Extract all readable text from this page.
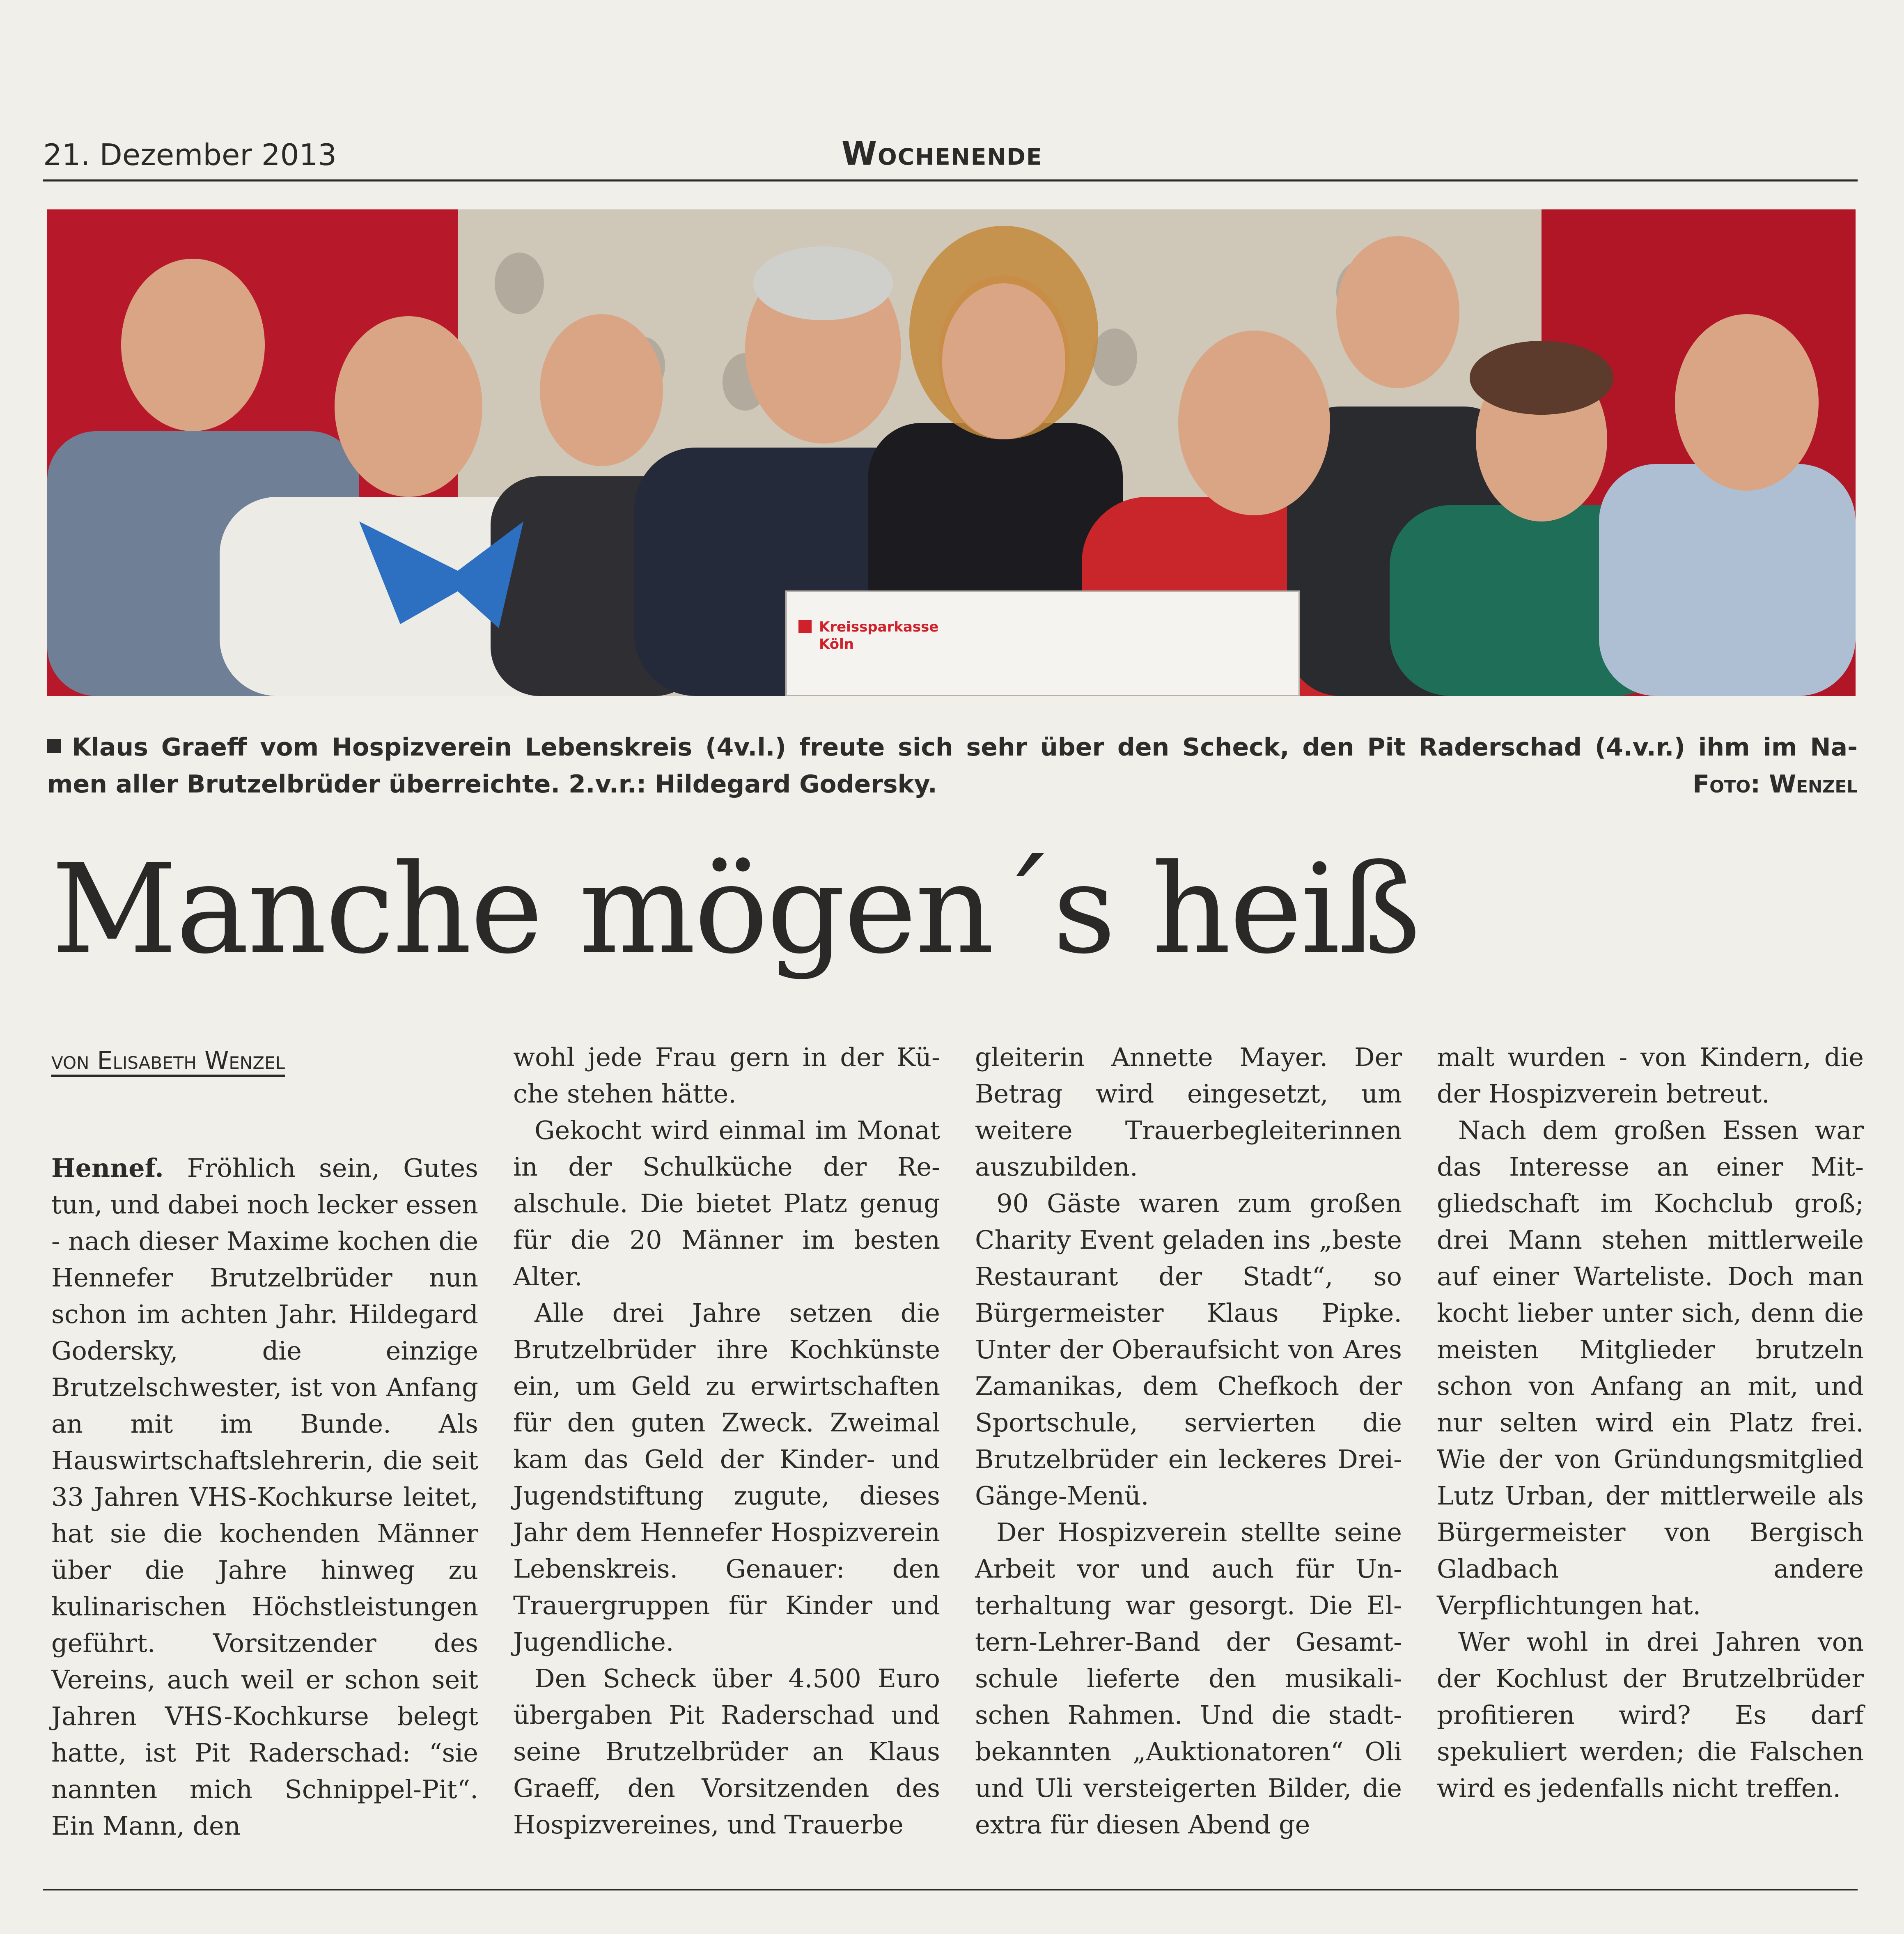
21. Dezember 2013	Wochenende
Kreissparkasse
Köln
Klaus Graeff vom Hospizverein Lebenskreis (4v.l.) freute sich sehr über den Scheck, den Pit Raderschad (4.v.r.) ihm im Na-
men aller Brutzelbrüder überreichte. 2.v.r.: Hildegard Godersky.	Foto: Wenzel
Manche mögen´s heiß
von Elisabeth Wenzel

Hennef. Fröhlich sein, Gutes tun, und dabei noch lecker essen - nach dieser Maxime kochen die Hennefer Brutzelbrüder nun schon im achten Jahr. Hildegard Godersky, die einzige Brutzelschwester, ist von Anfang an mit im Bunde. Als Hauswirtschaftslehrerin, die seit 33 Jahren VHS-Kochkurse leitet, hat sie die kochenden Männer über die Jahre hinweg zu kulinarischen Höchstleistungen geführt. Vorsitzender des Vereins, auch weil er schon seit Jahren VHS-Kochkurse belegt hatte, ist Pit Raderschad: “sie nannten mich Schnippel-Pit“. Ein Mann, den

wohl jede Frau gern in der Küche stehen hätte.

Gekocht wird einmal im Monat in der Schulküche der Realschule. Die bietet Platz genug für die 20 Männer im besten Alter.

Alle drei Jahre setzen die Brutzelbrüder ihre Kochkünste ein, um Geld zu erwirtschaften für den guten Zweck. Zweimal kam das Geld der Kinder- und Jugendstiftung zugute, dieses Jahr dem Hennefer Hospizverein Lebenskreis. Genauer: den Trauergruppen für Kinder und Jugendliche.

Den Scheck über 4.500 Euro übergaben Pit Raderschad und seine Brutzelbrüder an Klaus Graeff, den Vorsitzenden des Hospizvereines, und Trauerbe

gleiterin Annette Mayer. Der Betrag wird eingesetzt, um weitere Trauerbegleiterinnen auszubilden.

90 Gäste waren zum großen Charity Event geladen ins „beste Restaurant der Stadt“, so Bürgermeister Klaus Pipke. Unter der Oberaufsicht von Ares Zamanikas, dem Chefkoch der Sportschule, servierten die Brutzelbrüder ein leckeres Drei-Gänge-Menü.

Der Hospizverein stellte seine Arbeit vor und auch für Unterhaltung war gesorgt. Die Eltern-Lehrer-Band der Gesamtschule lieferte den musikalischen Rahmen. Und die stadtbekannten „Auktionatoren“ Oli und Uli versteigerten Bilder, die extra für diesen Abend ge

malt wurden - von Kindern, die der Hospizverein betreut.

Nach dem großen Essen war das Interesse an einer Mitgliedschaft im Kochclub groß; drei Mann stehen mittlerweile auf einer Warteliste. Doch man kocht lieber unter sich, denn die meisten Mitglieder brutzeln schon von Anfang an mit, und nur selten wird ein Platz frei. Wie der von Gründungsmitglied Lutz Urban, der mittlerweile als Bürgermeister von Bergisch Gladbach andere Verpflichtungen hat.

Wer wohl in drei Jahren von der Kochlust der Brutzelbrüder profitieren wird? Es darf spekuliert werden; die Falschen wird es jedenfalls nicht treffen.
